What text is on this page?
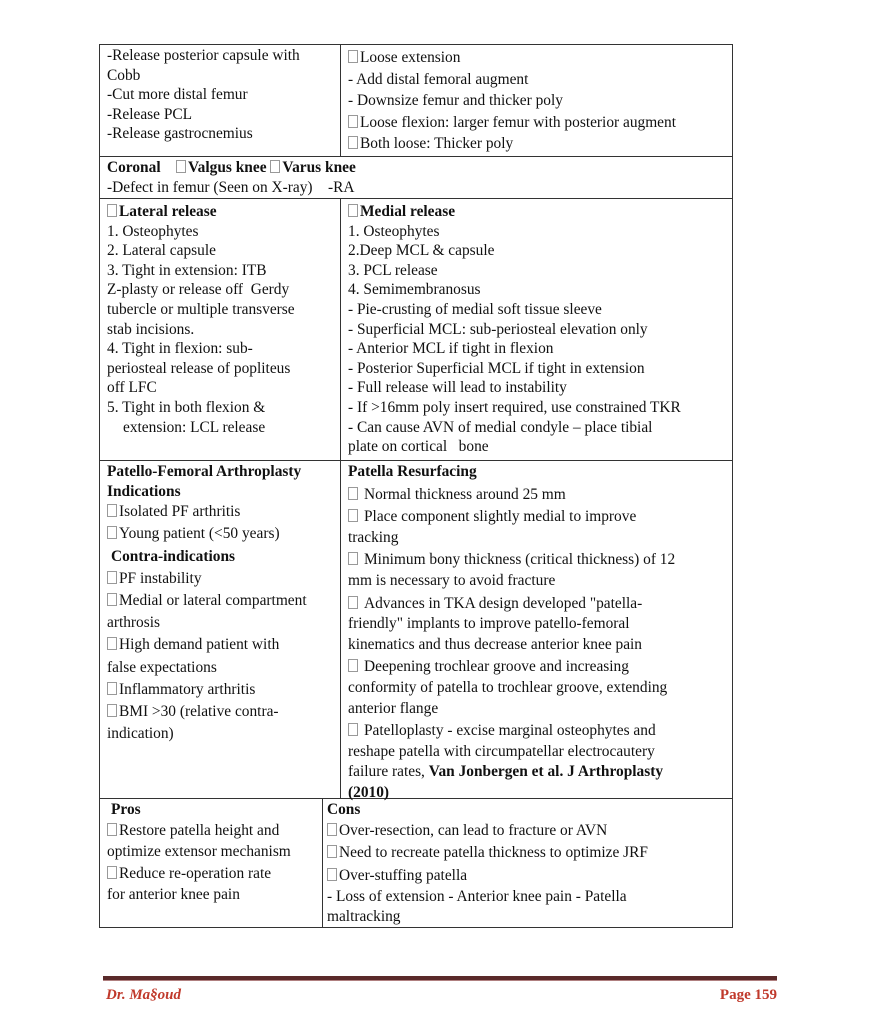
-Release posterior capsule with
Cobb
-Cut more distal femur
-Release PCL
-Release gastrocnemius
Loose extension
- Add distal femoral augment
- Downsize femur and thicker poly
Loose flexion: larger femur with posterior augment
Both loose: Thicker poly
Coronal Valgus knee Varus knee
-Defect in femur (Seen on X-ray) -RA
Lateral release
1. Osteophytes
2. Lateral capsule
3. Tight in extension: ITB
Z-plasty or release off  Gerdy
tubercle or multiple transverse
stab incisions.
4. Tight in flexion: sub-
periosteal release of popliteus
off LFC
5. Tight in both flexion &
extension: LCL release
Medial release
1. Osteophytes
2.Deep MCL & capsule
3. PCL release
4. Semimembranosus
- Pie-crusting of medial soft tissue sleeve
- Superficial MCL: sub-periosteal elevation only
- Anterior MCL if tight in flexion
- Posterior Superficial MCL if tight in extension
- Full release will lead to instability
- If >16mm poly insert required, use constrained TKR
- Can cause AVN of medial condyle – place tibial
plate on cortical   bone
Patello-Femoral Arthroplasty
Indications
Isolated PF arthritis
Young patient (<50 years)
Contra-indications
PF instability
Medial or lateral compartment
arthrosis
High demand patient with
false expectations
Inflammatory arthritis
BMI >30 (relative contra-
indication)
Patella Resurfacing
Normal thickness around 25 mm
Place component slightly medial to improve
tracking
Minimum bony thickness (critical thickness) of 12
mm is necessary to avoid fracture
Advances in TKA design developed "patella-
friendly" implants to improve patello-femoral
kinematics and thus decrease anterior knee pain
Deepening trochlear groove and increasing
conformity of patella to trochlear groove, extending
anterior flange
Patelloplasty - excise marginal osteophytes and
reshape patella with circumpatellar electrocautery
failure rates, Van Jonbergen et al. J Arthroplasty
(2010)
Pros
Restore patella height and
optimize extensor mechanism
Reduce re-operation rate
for anterior knee pain
Cons
Over-resection, can lead to fracture or AVN
Need to recreate patella thickness to optimize JRF
Over-stuffing patella
- Loss of extension - Anterior knee pain - Patella
maltracking
Dr. Ma§oud	Page 159
